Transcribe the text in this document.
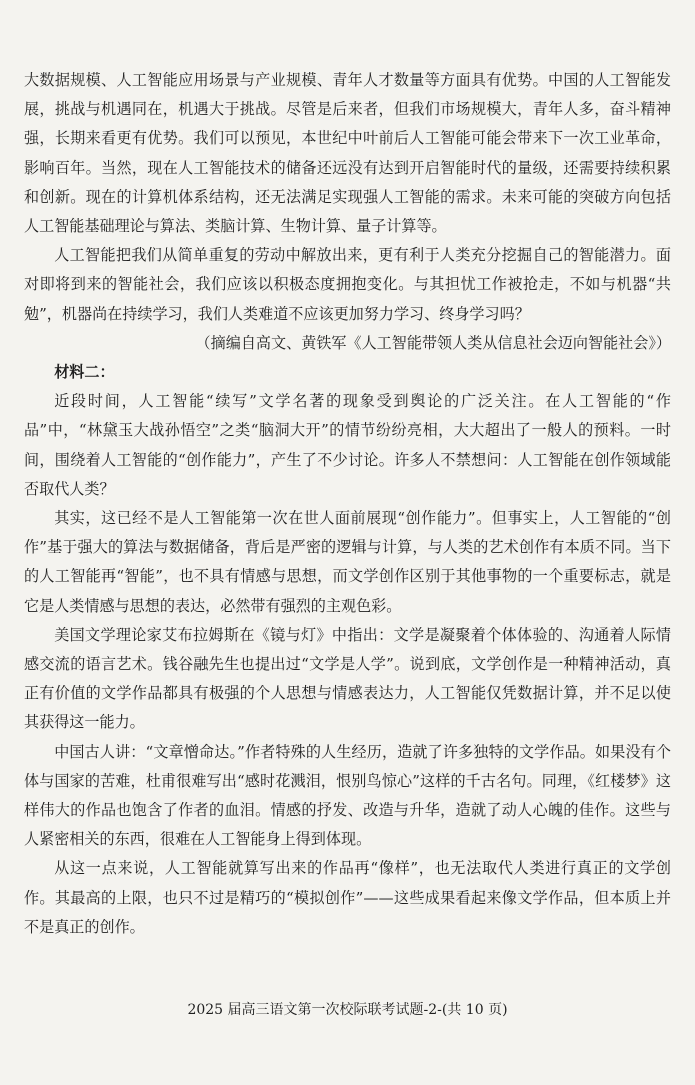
大数据规模、人工智能应用场景与产业规模、青年人才数量等方面具有优势。中国的人工智能发展，挑战与机遇同在，机遇大于挑战。尽管是后来者，但我们市场规模大，青年人多，奋斗精神强，长期来看更有优势。我们可以预见，本世纪中叶前后人工智能可能会带来下一次工业革命，影响百年。当然，现在人工智能技术的储备还远没有达到开启智能时代的量级，还需要持续积累和创新。现在的计算机体系结构，还无法满足实现强人工智能的需求。未来可能的突破方向包括人工智能基础理论与算法、类脑计算、生物计算、量子计算等。

人工智能把我们从简单重复的劳动中解放出来，更有利于人类充分挖掘自己的智能潜力。面对即将到来的智能社会，我们应该以积极态度拥抱变化。与其担忧工作被抢走，不如与机器“共勉”，机器尚在持续学习，我们人类难道不应该更加努力学习、终身学习吗？

（摘编自高文、黄铁军《人工智能带领人类从信息社会迈向智能社会》）

材料二：

近段时间，人工智能“续写”文学名著的现象受到舆论的广泛关注。在人工智能的“作品”中，“林黛玉大战孙悟空”之类“脑洞大开”的情节纷纷亮相，大大超出了一般人的预料。一时间，围绕着人工智能的“创作能力”，产生了不少讨论。许多人不禁想问：人工智能在创作领域能否取代人类？

其实，这已经不是人工智能第一次在世人面前展现“创作能力”。但事实上，人工智能的“创作”基于强大的算法与数据储备，背后是严密的逻辑与计算，与人类的艺术创作有本质不同。当下的人工智能再“智能”，也不具有情感与思想，而文学创作区别于其他事物的一个重要标志，就是它是人类情感与思想的表达，必然带有强烈的主观色彩。

美国文学理论家艾布拉姆斯在《镜与灯》中指出：文学是凝聚着个体体验的、沟通着人际情感交流的语言艺术。钱谷融先生也提出过“文学是人学”。说到底，文学创作是一种精神活动，真正有价值的文学作品都具有极强的个人思想与情感表达力，人工智能仅凭数据计算，并不足以使其获得这一能力。

中国古人讲：“文章憎命达。”作者特殊的人生经历，造就了许多独特的文学作品。如果没有个体与国家的苦难，杜甫很难写出“感时花溅泪，恨别鸟惊心”这样的千古名句。同理，《红楼梦》这样伟大的作品也饱含了作者的血泪。情感的抒发、改造与升华，造就了动人心魄的佳作。这些与人紧密相关的东西，很难在人工智能身上得到体现。

从这一点来说，人工智能就算写出来的作品再“像样”，也无法取代人类进行真正的文学创作。其最高的上限，也只不过是精巧的“模拟创作”——这些成果看起来像文学作品，但本质上并不是真正的创作。

2025 届高三语文第一次校际联考试题-2-(共 10 页)
